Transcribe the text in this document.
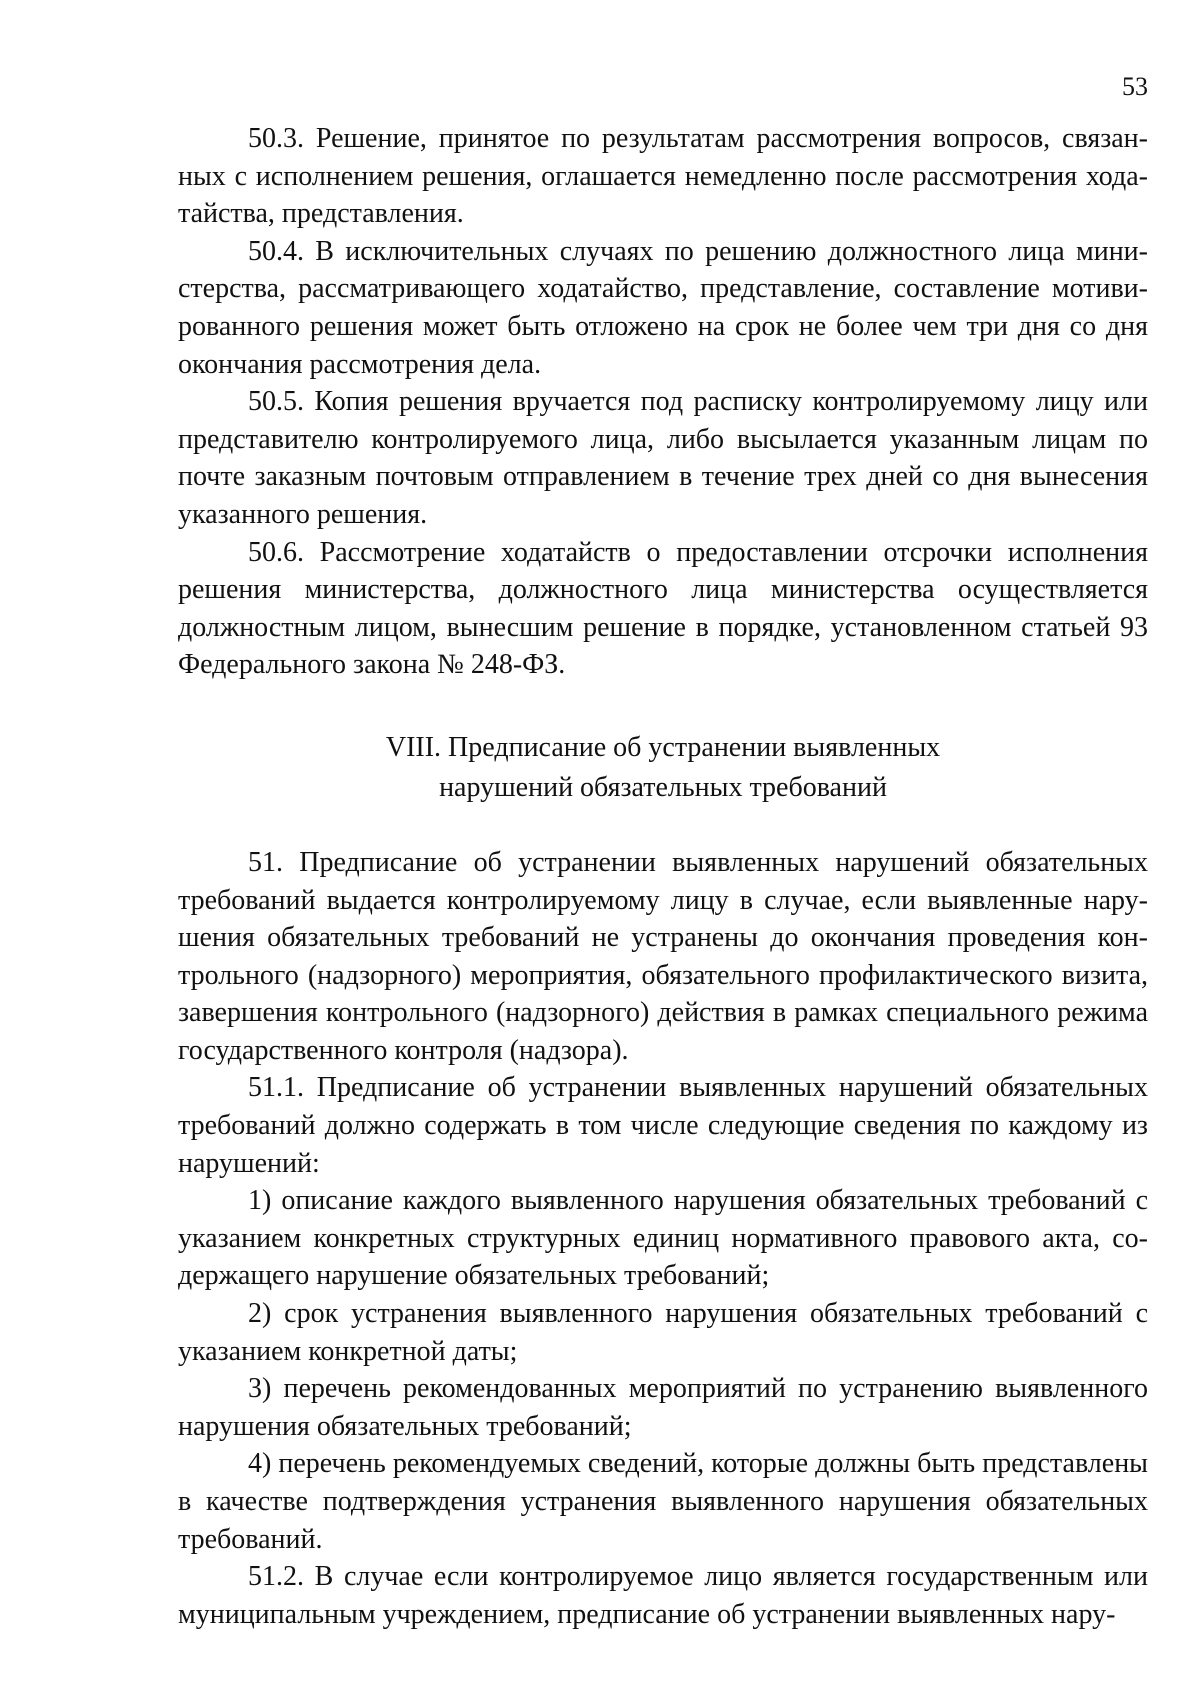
53

50.3. Решение, принятое по результатам рассмотрения вопросов, связанных с исполнением решения, оглашается немедленно после рассмотрения ходатайства, представления.

50.4. В исключительных случаях по решению должностного лица министерства, рассматривающего ходатайство, представление, составление мотивированного решения может быть отложено на срок не более чем три дня со дня окончания рассмотрения дела.

50.5. Копия решения вручается под расписку контролируемому лицу или представителю контролируемого лица, либо высылается указанным лицам по почте заказным почтовым отправлением в течение трех дней со дня вынесения указанного решения.

50.6. Рассмотрение ходатайств о предоставлении отсрочки исполнения решения министерства, должностного лица министерства осуществляется должностным лицом, вынесшим решение в порядке, установленном статьей 93 Федерального закона № 248-ФЗ.

VIII. Предписание об устранении выявленных
нарушений обязательных требований

51. Предписание об устранении выявленных нарушений обязательных требований выдается контролируемому лицу в случае, если выявленные нарушения обязательных требований не устранены до окончания проведения контрольного (надзорного) мероприятия, обязательного профилактического визита, завершения контрольного (надзорного) действия в рамках специального режима государственного контроля (надзора).

51.1. Предписание об устранении выявленных нарушений обязательных требований должно содержать в том числе следующие сведения по каждому из нарушений:

1) описание каждого выявленного нарушения обязательных требований с указанием конкретных структурных единиц нормативного правового акта, содержащего нарушение обязательных требований;

2) срок устранения выявленного нарушения обязательных требований с указанием конкретной даты;

3) перечень рекомендованных мероприятий по устранению выявленного нарушения обязательных требований;

4) перечень рекомендуемых сведений, которые должны быть представлены в качестве подтверждения устранения выявленного нарушения обязательных требований.

51.2. В случае если контролируемое лицо является государственным или муниципальным учреждением, предписание об устранении выявленных нару-
